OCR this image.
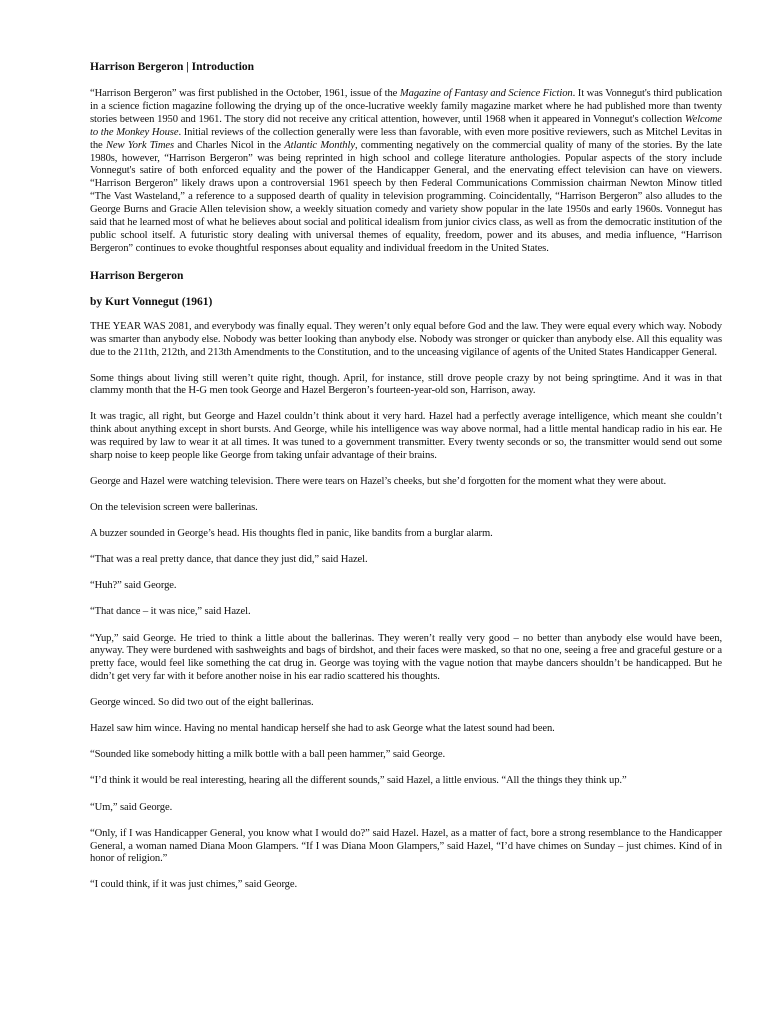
Harrison Bergeron | Introduction

“Harrison Bergeron” was first published in the October, 1961, issue of the Magazine of Fantasy and Science Fiction. It was Vonnegut's third publication in a science fiction magazine following the drying up of the once-lucrative weekly family magazine market where he had published more than twenty stories between 1950 and 1961. The story did not receive any critical attention, however, until 1968 when it appeared in Vonnegut's collection Welcome to the Monkey House. Initial reviews of the collection generally were less than favorable, with even more positive reviewers, such as Mitchel Levitas in the New York Times and Charles Nicol in the Atlantic Monthly, commenting negatively on the commercial quality of many of the stories. By the late 1980s, however, “Harrison Bergeron” was being reprinted in high school and college literature anthologies. Popular aspects of the story include Vonnegut's satire of both enforced equality and the power of the Handicapper General, and the enervating effect television can have on viewers. “Harrison Bergeron” likely draws upon a controversial 1961 speech by then Federal Communications Commission chairman Newton Minow titled “The Vast Wasteland,” a reference to a supposed dearth of quality in television programming. Coincidentally, “Harrison Bergeron” also alludes to the George Burns and Gracie Allen television show, a weekly situation comedy and variety show popular in the late 1950s and early 1960s. Vonnegut has said that he learned most of what he believes about social and political idealism from junior civics class, as well as from the democratic institution of the public school itself. A futuristic story dealing with universal themes of equality, freedom, power and its abuses, and media influence, “Harrison Bergeron” continues to evoke thoughtful responses about equality and individual freedom in the United States.

Harrison Bergeron
by Kurt Vonnegut (1961)

THE YEAR WAS 2081, and everybody was finally equal. They weren’t only equal before God and the law. They were equal every which way. Nobody was smarter than anybody else. Nobody was better looking than anybody else. Nobody was stronger or quicker than anybody else. All this equality was due to the 211th, 212th, and 213th Amendments to the Constitution, and to the unceasing vigilance of agents of the United States Handicapper General.

Some things about living still weren’t quite right, though. April, for instance, still drove people crazy by not being springtime. And it was in that clammy month that the H-G men took George and Hazel Bergeron’s fourteen-year-old son, Harrison, away.

It was tragic, all right, but George and Hazel couldn’t think about it very hard. Hazel had a perfectly average intelligence, which meant she couldn’t think about anything except in short bursts. And George, while his intelligence was way above normal, had a little mental handicap radio in his ear. He was required by law to wear it at all times. It was tuned to a government transmitter. Every twenty seconds or so, the transmitter would send out some sharp noise to keep people like George from taking unfair advantage of their brains.

George and Hazel were watching television. There were tears on Hazel’s cheeks, but she’d forgotten for the moment what they were about.

On the television screen were ballerinas.

A buzzer sounded in George’s head. His thoughts fled in panic, like bandits from a burglar alarm.

“That was a real pretty dance, that dance they just did,” said Hazel.

“Huh?” said George.

“That dance – it was nice,” said Hazel.

“Yup,” said George. He tried to think a little about the ballerinas. They weren’t really very good – no better than anybody else would have been, anyway. They were burdened with sashweights and bags of birdshot, and their faces were masked, so that no one, seeing a free and graceful gesture or a pretty face, would feel like something the cat drug in. George was toying with the vague notion that maybe dancers shouldn’t be handicapped. But he didn’t get very far with it before another noise in his ear radio scattered his thoughts.

George winced. So did two out of the eight ballerinas.

Hazel saw him wince. Having no mental handicap herself she had to ask George what the latest sound had been.

“Sounded like somebody hitting a milk bottle with a ball peen hammer,” said George.

“I’d think it would be real interesting, hearing all the different sounds,” said Hazel, a little envious. “All the things they think up.”

“Um,” said George.

“Only, if I was Handicapper General, you know what I would do?” said Hazel. Hazel, as a matter of fact, bore a strong resemblance to the Handicapper General, a woman named Diana Moon Glampers. “If I was Diana Moon Glampers,” said Hazel, “I’d have chimes on Sunday – just chimes. Kind of in honor of religion.”

“I could think, if it was just chimes,” said George.
